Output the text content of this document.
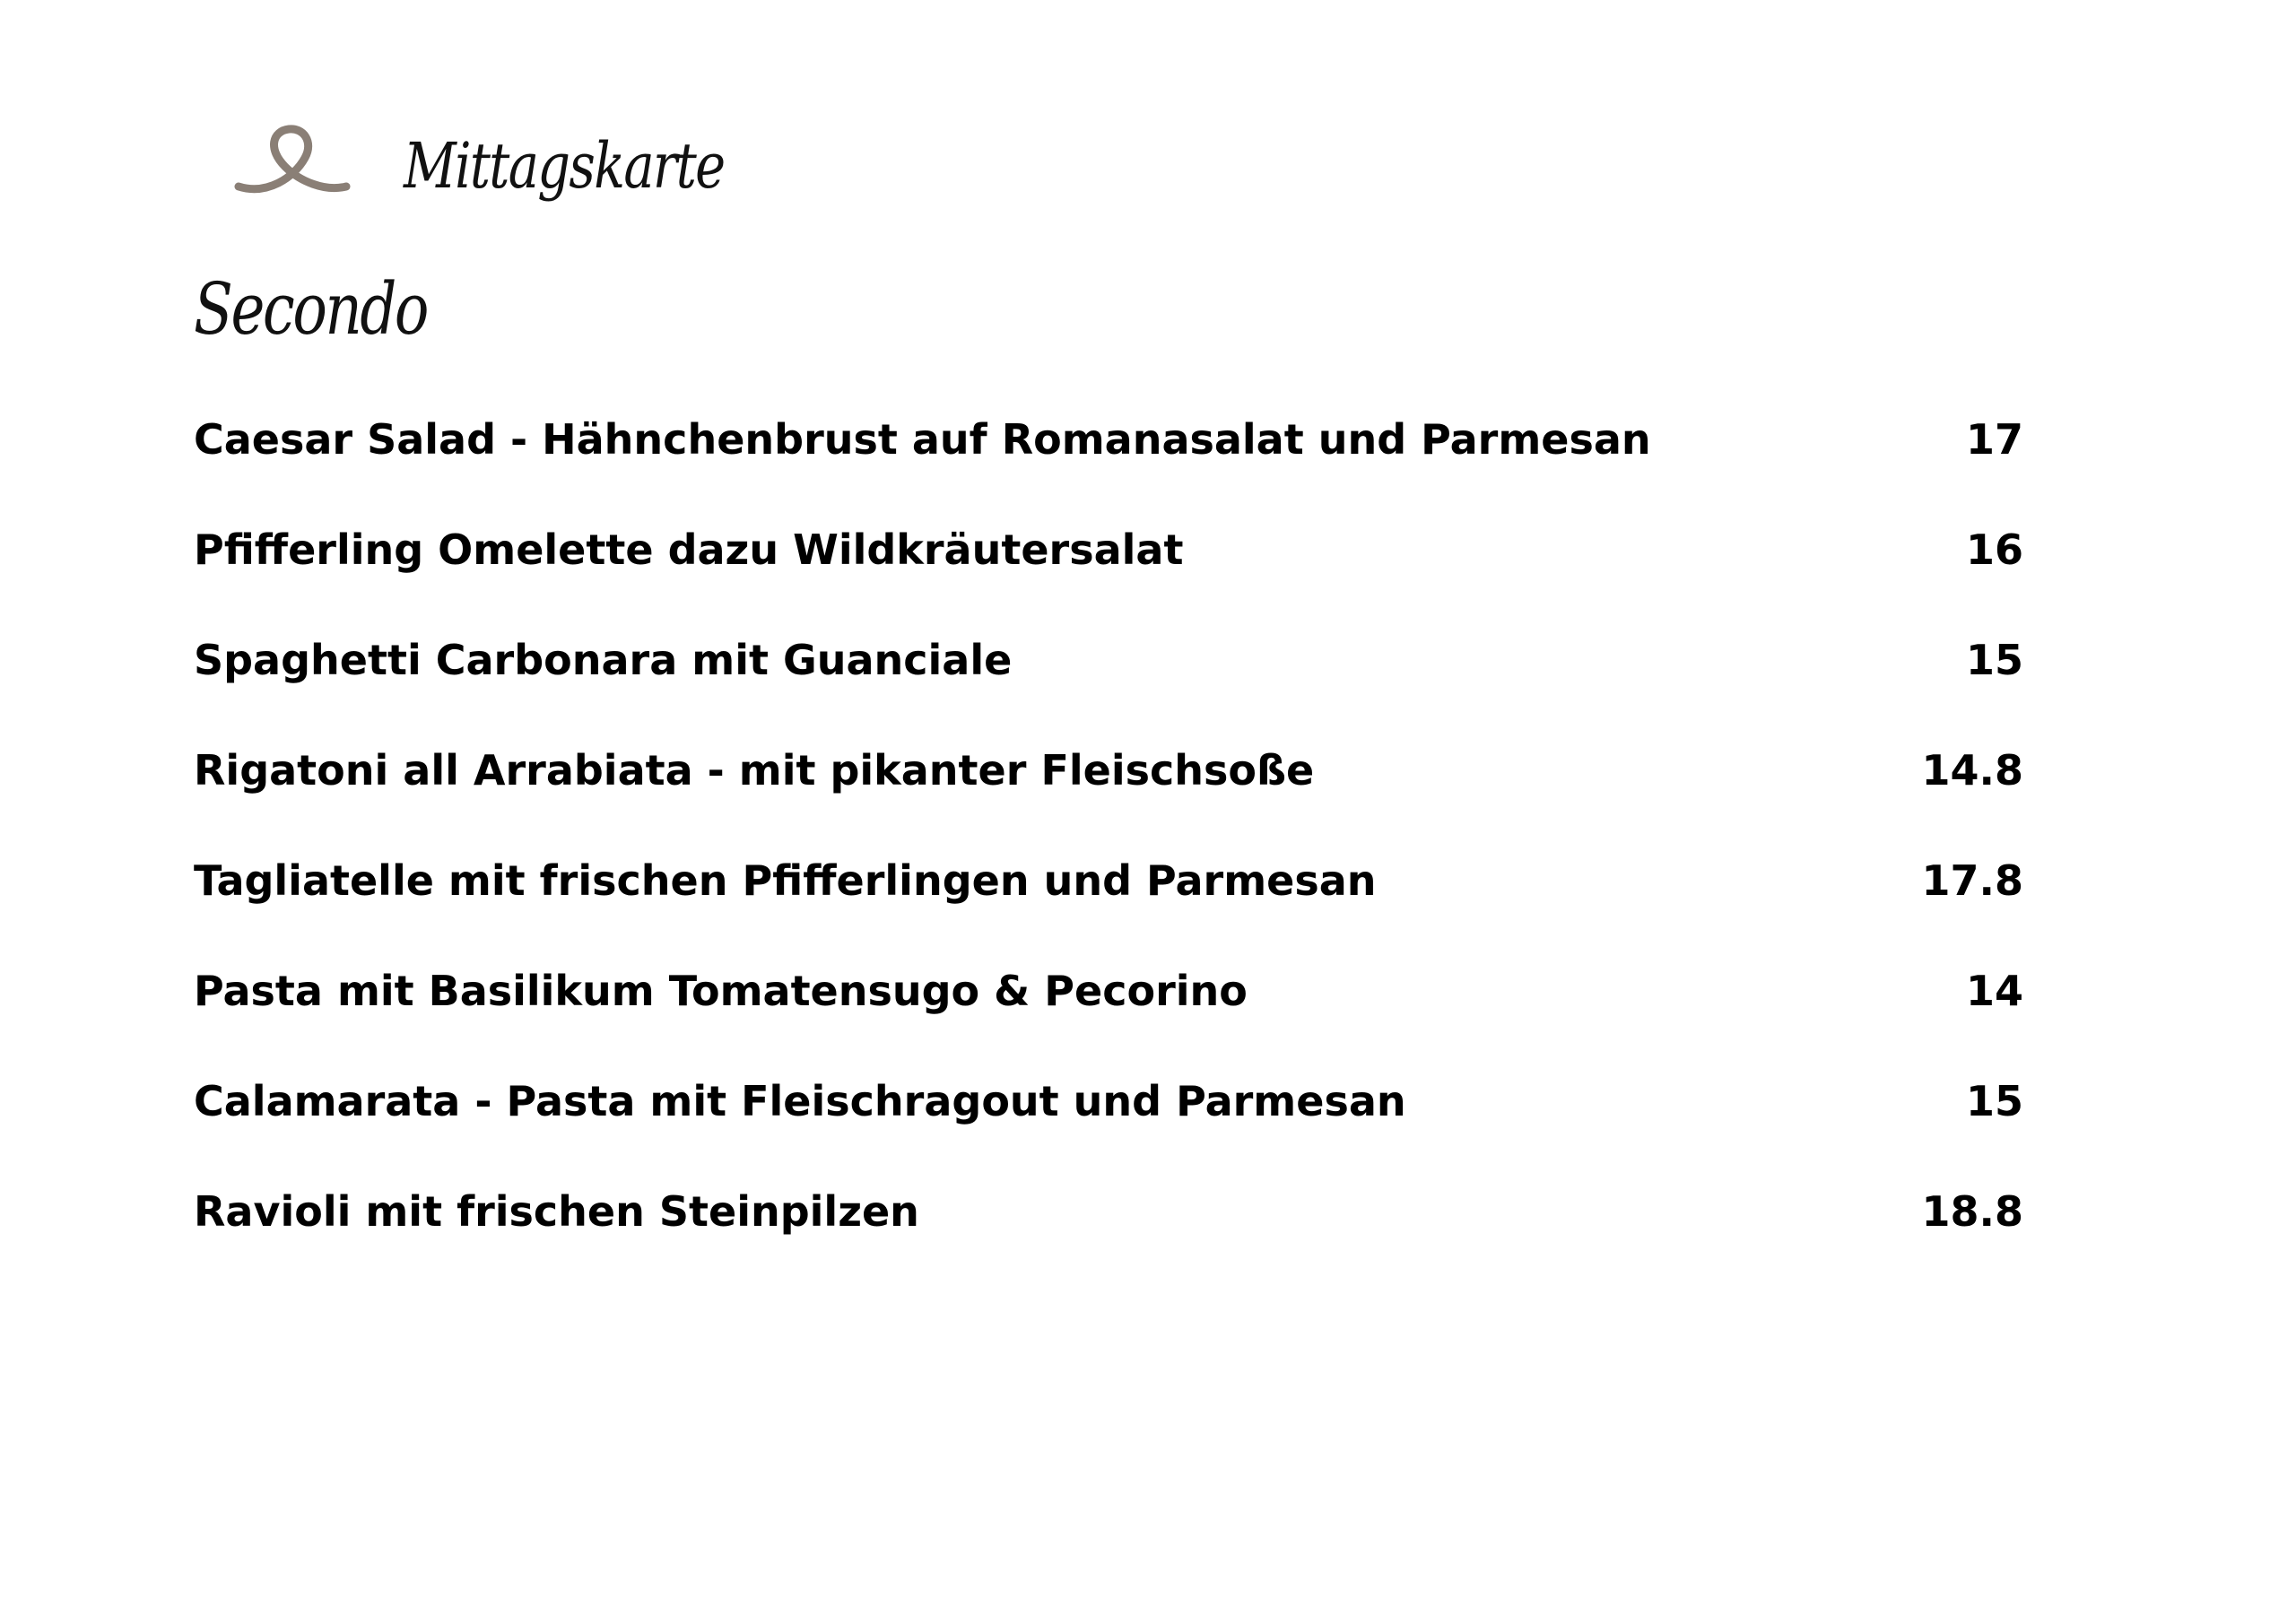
Mittagskarte
Secondo
Caesar Salad - Hähnchenbrust auf Romanasalat und Parmesan	17
Pfifferling Omelette dazu Wildkräutersalat	16
Spaghetti Carbonara mit Guanciale	15
Rigatoni all Arrabiata - mit pikanter Fleischsoße	14.8
Tagliatelle mit frischen Pfifferlingen und Parmesan	17.8
Pasta mit Basilikum Tomatensugo & Pecorino	14
Calamarata - Pasta mit Fleischragout und Parmesan	15
Ravioli mit frischen Steinpilzen	18.8
